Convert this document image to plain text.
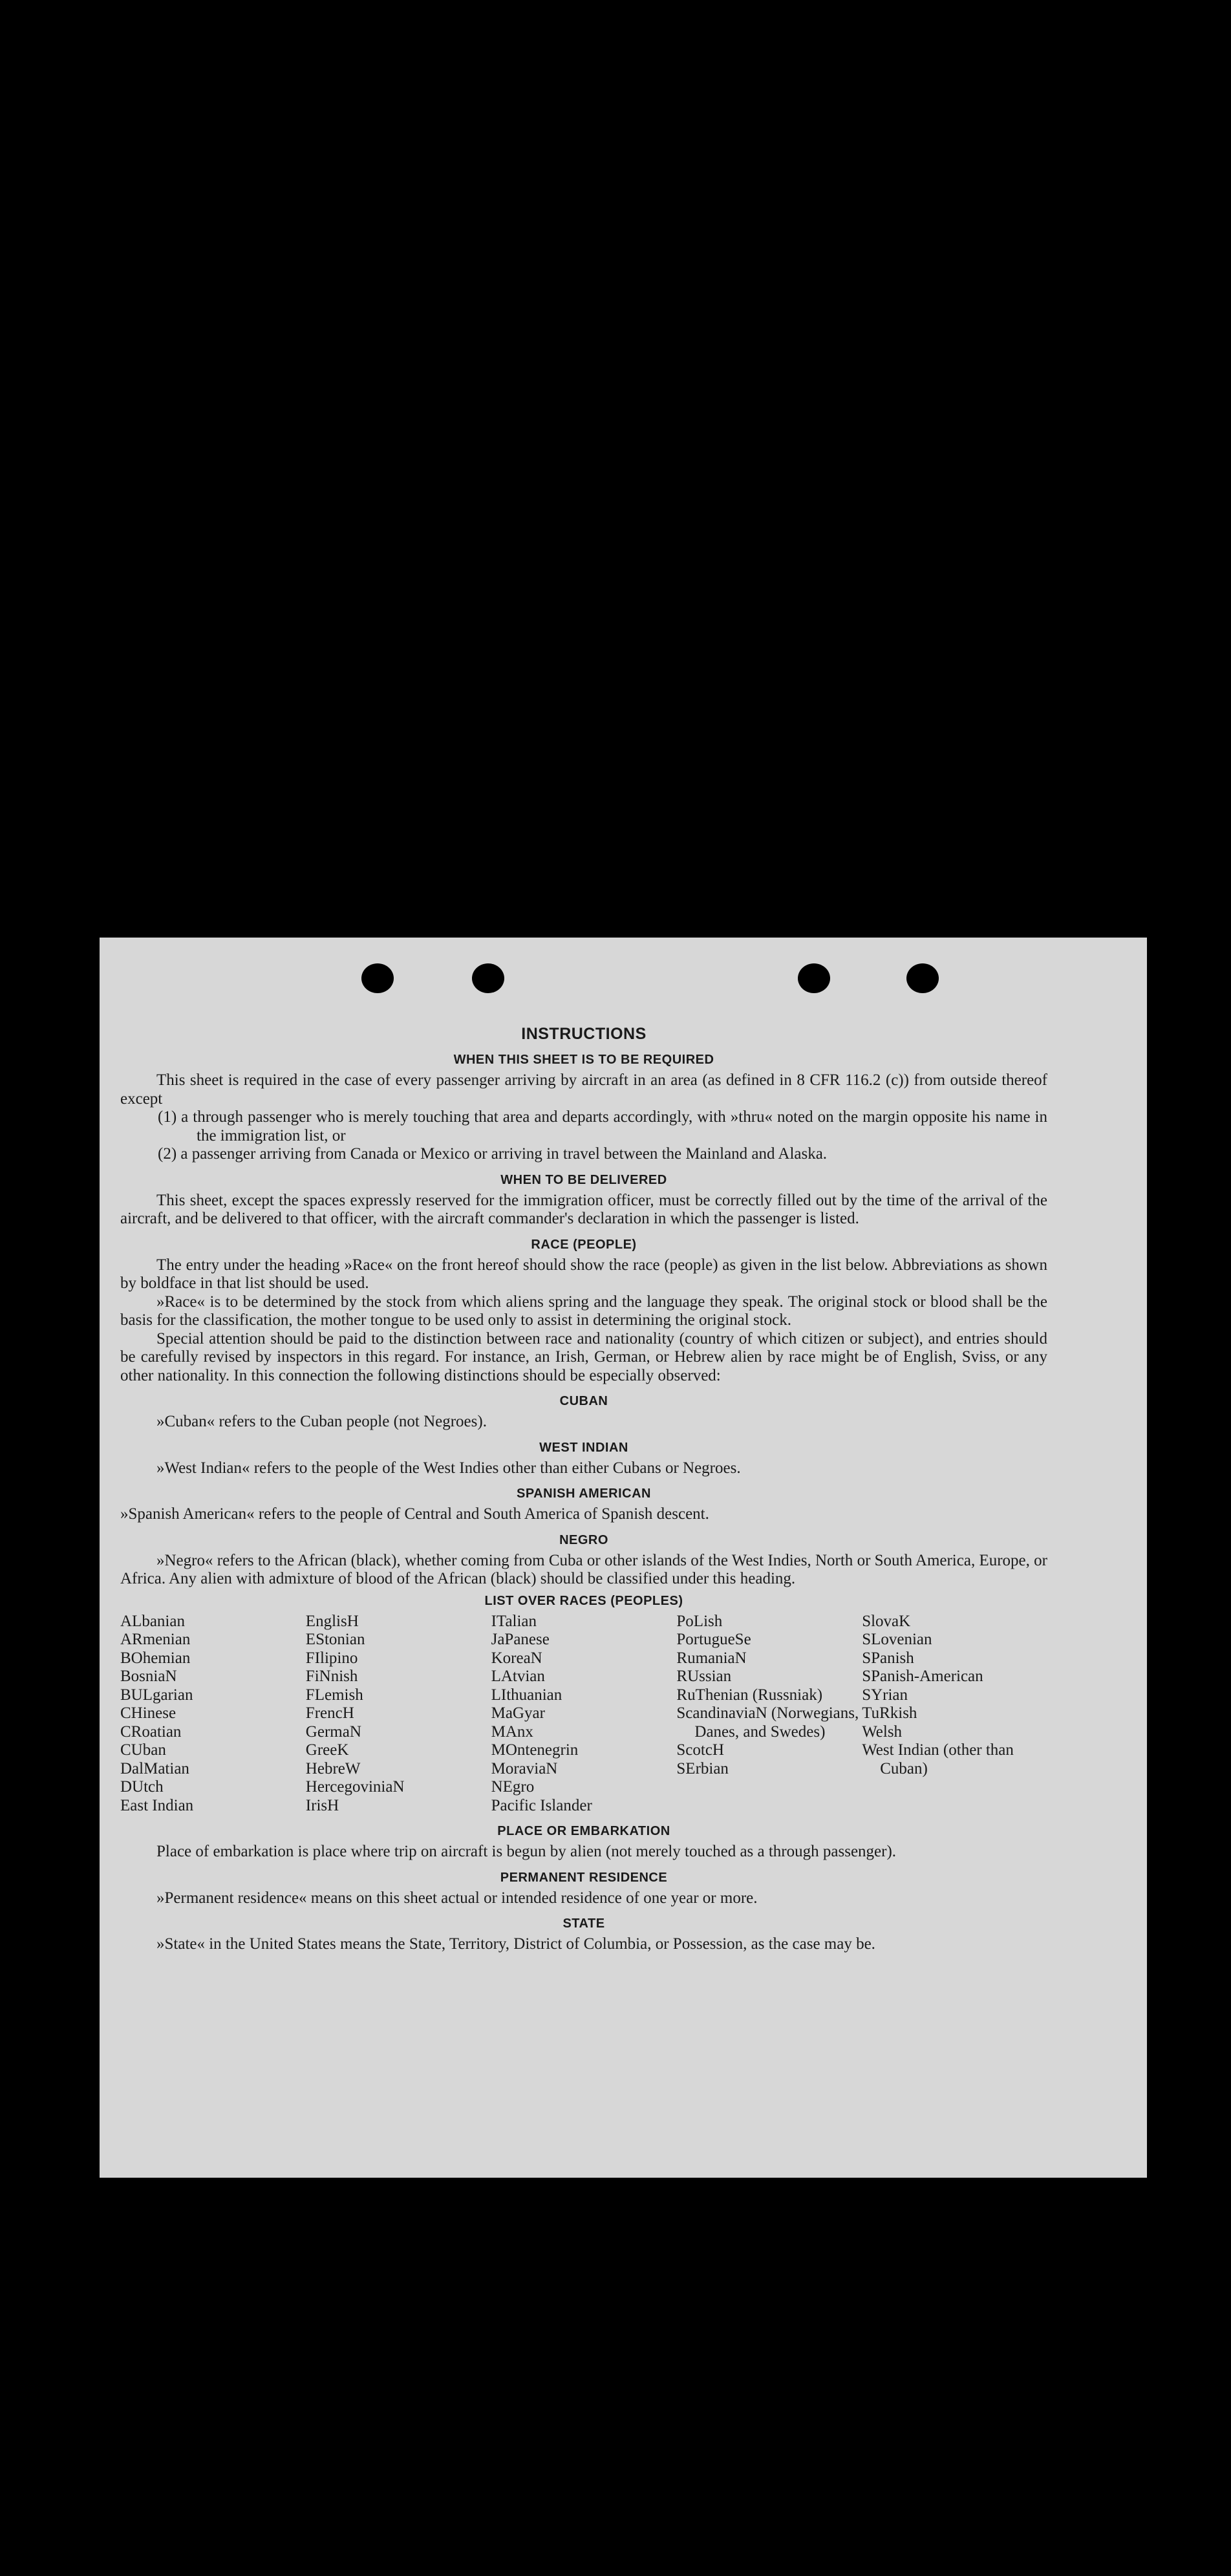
INSTRUCTIONS
WHEN THIS SHEET IS TO BE REQUIRED

This sheet is required in the case of every passenger arriving by aircraft in an area (as defined in 8 CFR 116.2 (c)) from outside thereof except

(1) a through passenger who is merely touching that area and departs accordingly, with »thru« noted on the margin opposite his name in the immigration list, or

(2) a passenger arriving from Canada or Mexico or arriving in travel between the Mainland and Alaska.

WHEN TO BE DELIVERED

This sheet, except the spaces expressly reserved for the immigration officer, must be correctly filled out by the time of the arrival of the aircraft, and be delivered to that officer, with the aircraft commander's declaration in which the passenger is listed.

RACE (PEOPLE)

The entry under the heading »Race« on the front hereof should show the race (people) as given in the list below. Abbreviations as shown by boldface in that list should be used.

»Race« is to be determined by the stock from which aliens spring and the language they speak. The original stock or blood shall be the basis for the classification, the mother tongue to be used only to assist in determining the original stock.

Special attention should be paid to the distinction between race and nationality (country of which citizen or subject), and entries should be carefully revised by inspectors in this regard. For instance, an Irish, German, or Hebrew alien by race might be of English, Sviss, or any other nationality. In this connection the following distinctions should be especially observed:

CUBAN

»Cuban« refers to the Cuban people (not Negroes).

WEST INDIAN

»West Indian« refers to the people of the West Indies other than either Cubans or Negroes.

SPANISH AMERICAN

»Spanish American« refers to the people of Central and South America of Spanish descent.

NEGRO

»Negro« refers to the African (black), whether coming from Cuba or other islands of the West Indies, North or South America, Europe, or Africa. Any alien with admixture of blood of the African (black) should be classified under this heading.

LIST OVER RACES (PEOPLES)
ALbanian
ARmenian
BOhemian
BosniaN
BULgarian
CHinese
CRoatian
CUban
DalMatian
DUtch
East Indian
EnglisH
EStonian
FIlipino
FiNnish
FLemish
FrencH
GermaN
GreeK
HebreW
HercegoviniaN
IrisH
ITalian
JaPanese
KoreaN
LAtvian
LIthuanian
MaGyar
MAnx
MOntenegrin
MoraviaN
NEgro
Pacific Islander
PoLish
PortugueSe
RumaniaN
RUssian
RuThenian (Russniak)
ScandinaviaN (Norwegians, Danes, and Swedes)
ScotcH
SErbian
SlovaK
SLovenian
SPanish
SPanish-American
SYrian
TuRkish
Welsh
West Indian (other than Cuban)
PLACE OR EMBARKATION

Place of embarkation is place where trip on aircraft is begun by alien (not merely touched as a through passenger).

PERMANENT RESIDENCE

»Permanent residence« means on this sheet actual or intended residence of one year or more.

STATE

»State« in the United States means the State, Territory, District of Columbia, or Possession, as the case may be.
